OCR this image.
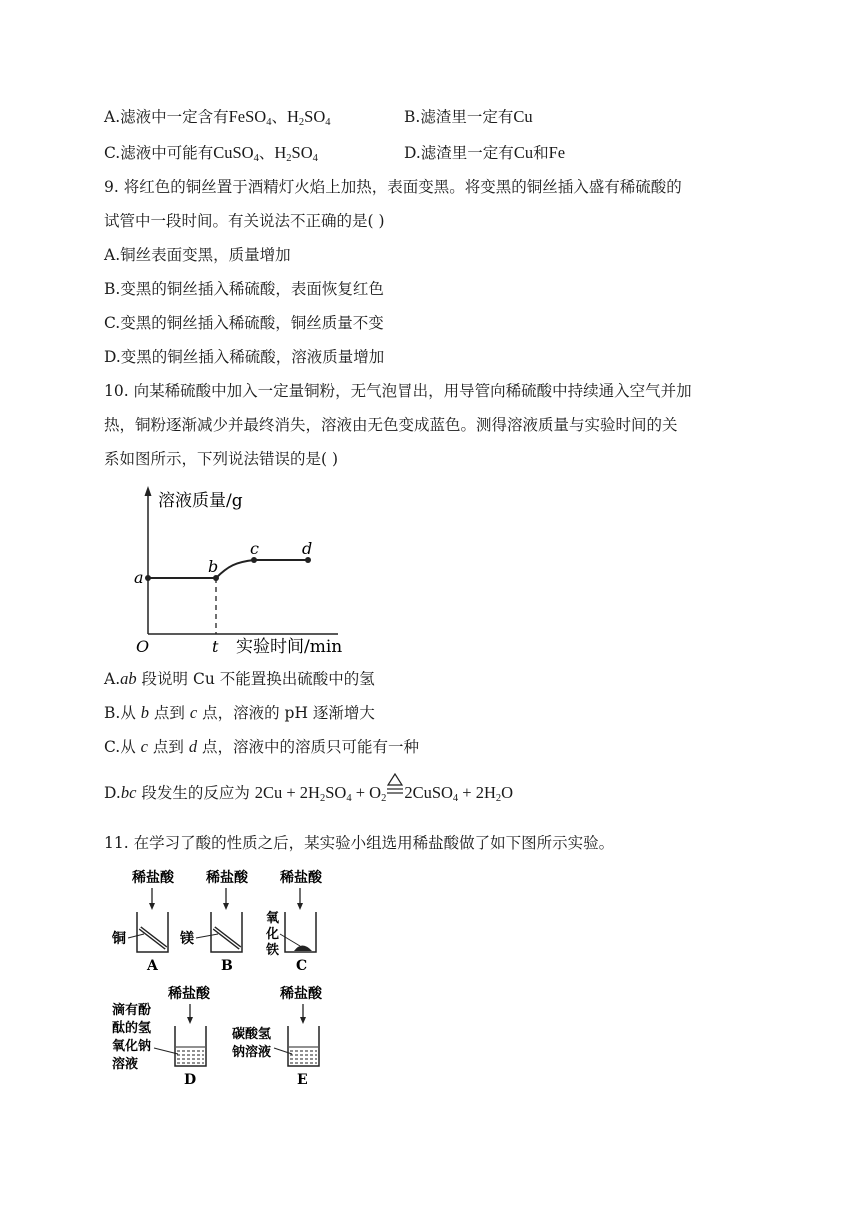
A.滤液中一定含有FeSO$_4$、$H_2SO_4$	B.滤渣里一定有Cu
C.滤液中可能有CuSO$_4$、$H_2SO_4$	D.滤渣里一定有Cu和Fe
9. 将红色的铜丝置于酒精灯火焰上加热，表面变黑。将变黑的铜丝插入盛有稀硫酸的
试管中一段时间。有关说法不正确的是( )
A.铜丝表面变黑，质量增加
B.变黑的铜丝插入稀硫酸，表面恢复红色
C.变黑的铜丝插入稀硫酸，铜丝质量不变
D.变黑的铜丝插入稀硫酸，溶液质量增加
10. 向某稀硫酸中加入一定量铜粉，无气泡冒出，用导管向稀硫酸中持续通入空气并加
热，铜粉逐渐减少并最终消失，溶液由无色变成蓝色。测得溶液质量与实验时间的关
系如图所示，下列说法错误的是( )
溶液质量/g
a
b
c	d
O	t 实验时间/min
A.ab 段说明 Cu 不能置换出硫酸中的氢
B.从 b 点到 c 点，溶液的 pH 逐渐增大
C.从 c 点到 d 点，溶液中的溶质只可能有一种
D.bc 段发生的反应为 $2Cu + 2H_2SO_4 + O_2$ 2CuSO$_4$ + $2H_2O$
11. 在学习了酸的性质之后，某实验小组选用稀盐酸做了如下图所示实验。
稀盐酸
铜
A
稀盐酸
镁
B
稀盐酸
氧
化
铁
C
稀盐酸
滴有酚
酞的氢
氧化钠
溶液
D
稀盐酸
碳酸氢
钠溶液
E
